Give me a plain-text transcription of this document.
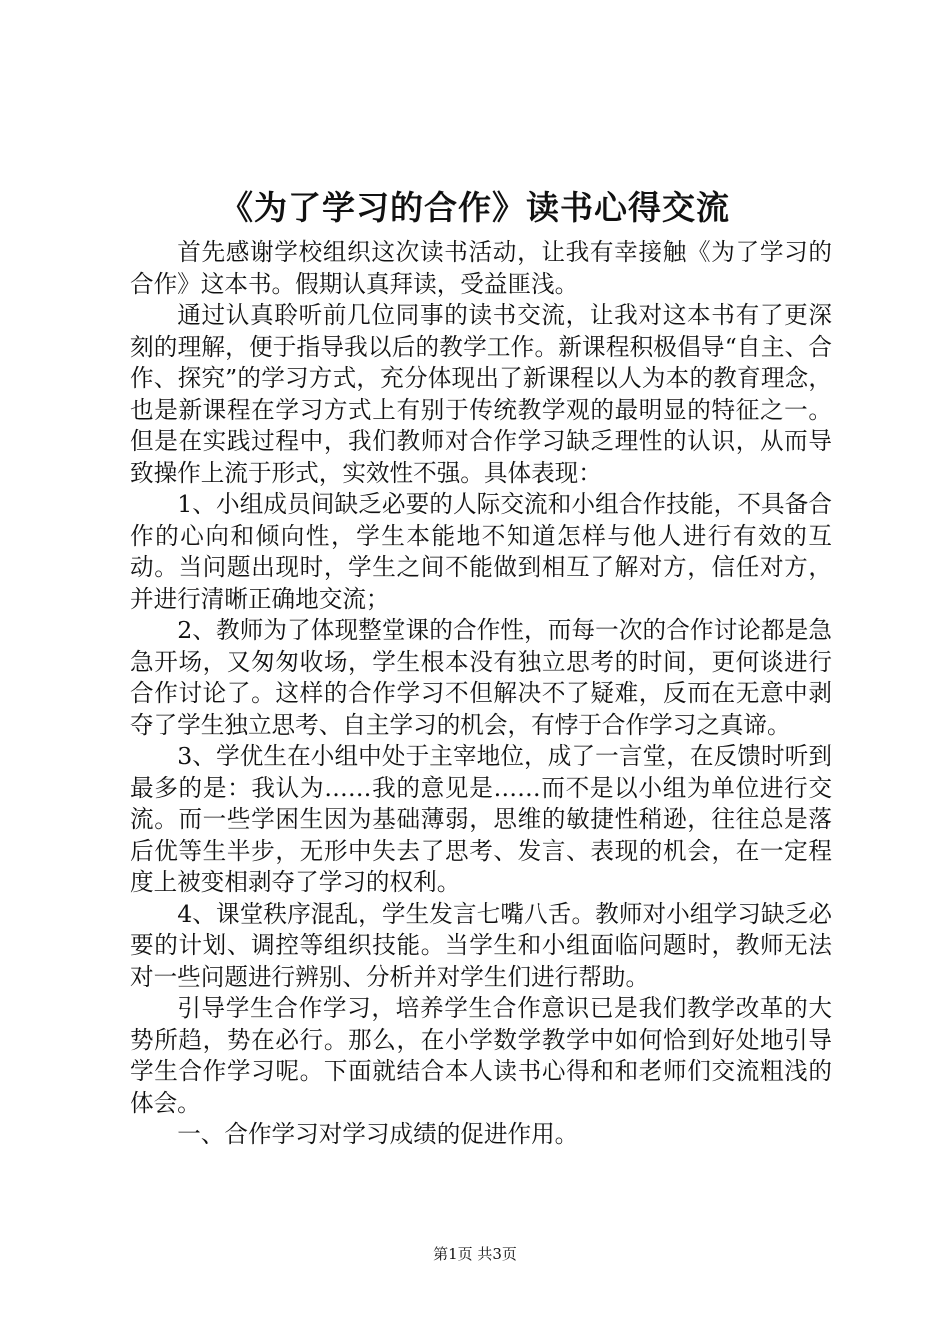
《为了学习的合作》读书心得交流

首先感谢学校组织这次读书活动，让我有幸接触《为了学习的合作》这本书。假期认真拜读，受益匪浅。

通过认真聆听前几位同事的读书交流，让我对这本书有了更深刻的理解，便于指导我以后的教学工作。新课程积极倡导“自主、合作、探究”的学习方式，充分体现出了新课程以人为本的教育理念，也是新课程在学习方式上有别于传统教学观的最明显的特征之一。但是在实践过程中，我们教师对合作学习缺乏理性的认识，从而导致操作上流于形式，实效性不强。具体表现：

1、小组成员间缺乏必要的人际交流和小组合作技能，不具备合作的心向和倾向性，学生本能地不知道怎样与他人进行有效的互动。当问题出现时，学生之间不能做到相互了解对方，信任对方，并进行清晰正确地交流；

2、教师为了体现整堂课的合作性，而每一次的合作讨论都是急急开场，又匆匆收场，学生根本没有独立思考的时间，更何谈进行合作讨论了。这样的合作学习不但解决不了疑难，反而在无意中剥夺了学生独立思考、自主学习的机会，有悖于合作学习之真谛。

3、学优生在小组中处于主宰地位，成了一言堂，在反馈时听到最多的是：我认为……我的意见是……而不是以小组为单位进行交流。而一些学困生因为基础薄弱，思维的敏捷性稍逊，往往总是落后优等生半步，无形中失去了思考、发言、表现的机会，在一定程度上被变相剥夺了学习的权利。

4、课堂秩序混乱，学生发言七嘴八舌。教师对小组学习缺乏必要的计划、调控等组织技能。当学生和小组面临问题时，教师无法对一些问题进行辨别、分析并对学生们进行帮助。

引导学生合作学习，培养学生合作意识已是我们教学改革的大势所趋，势在必行。那么，在小学数学教学中如何恰到好处地引导学生合作学习呢。下面就结合本人读书心得和和老师们交流粗浅的体会。

一、合作学习对学习成绩的促进作用。

第1页 共3页
